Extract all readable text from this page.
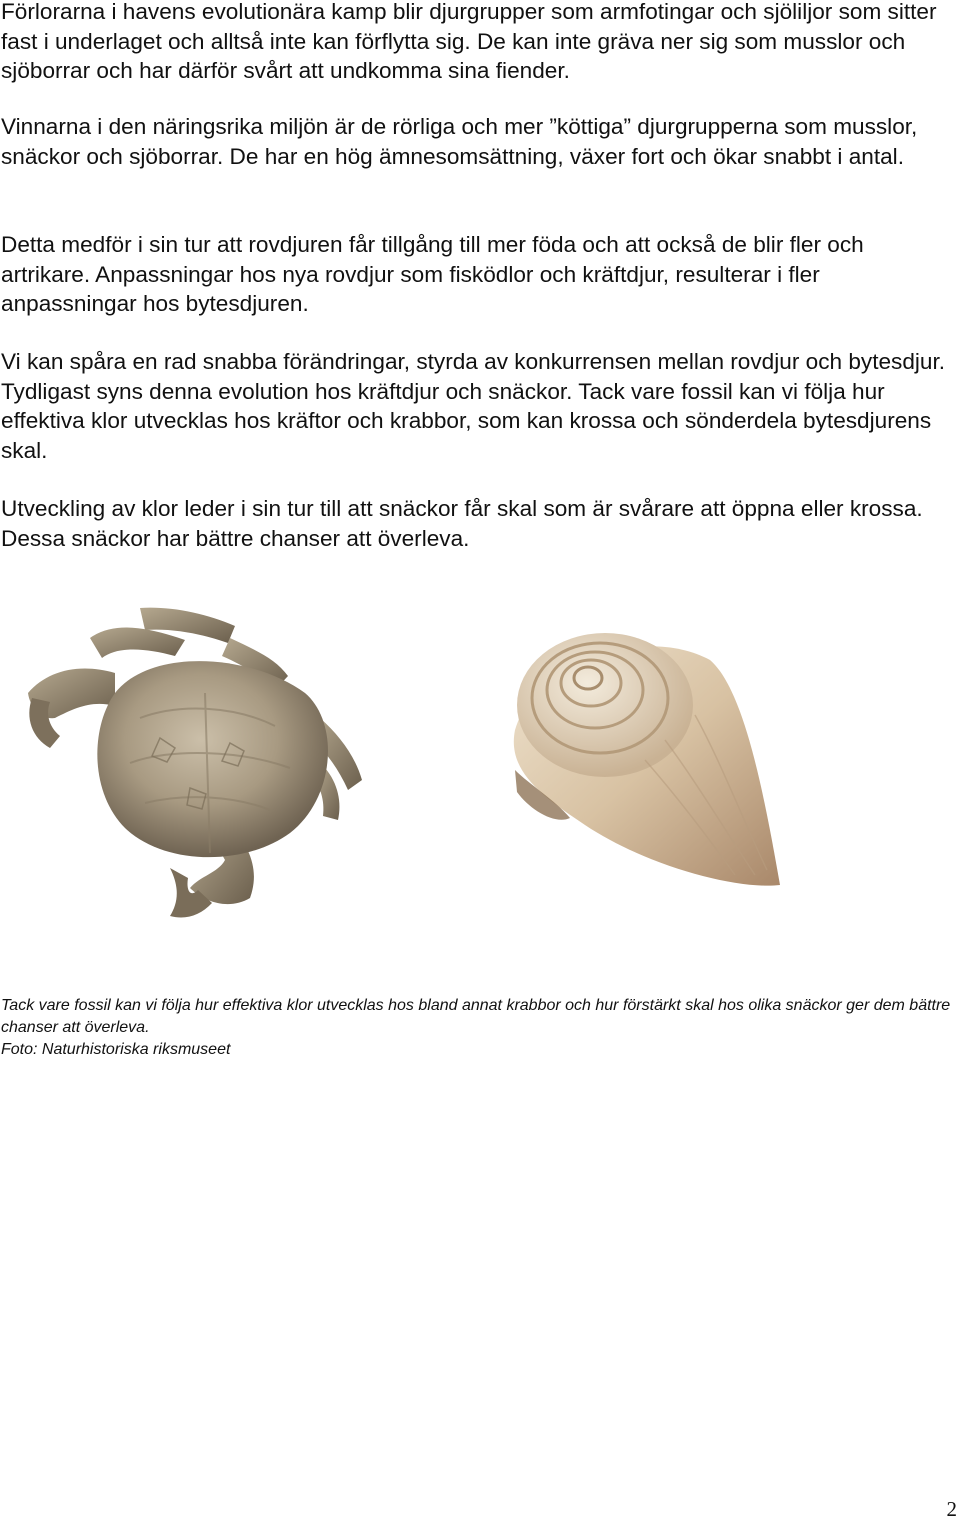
Förlorarna i havens evolutionära kamp blir djurgrupper som armfotingar och sjöliljor som sitter fast i underlaget och alltså inte kan förflytta sig. De kan inte gräva ner sig som musslor och sjöborrar och har därför svårt att undkomma sina fiender.

Vinnarna i den näringsrika miljön är de rörliga och mer ”köttiga” djurgrupperna som musslor, snäckor och sjöborrar. De har en hög ämnesomsättning, växer fort och ökar snabbt i antal.

Detta medför i sin tur att rovdjuren får tillgång till mer föda och att också de blir fler och artrikare. Anpassningar hos nya rovdjur som fisködlor och kräftdjur, resulterar i fler anpassningar hos bytesdjuren.

Vi kan spåra en rad snabba förändringar, styrda av konkurrensen mellan rovdjur och bytesdjur. Tydligast syns denna evolution hos kräftdjur och snäckor. Tack vare fossil kan vi följa hur effektiva klor utvecklas hos kräftor och krabbor, som kan krossa och sönderdela bytesdjurens skal.

Utveckling av klor leder i sin tur till att snäckor får skal som är svårare att öppna eller krossa. Dessa snäckor har bättre chanser att överleva.

Tack vare fossil kan vi följa hur effektiva klor utvecklas hos bland annat krabbor och hur förstärkt skal hos olika snäckor ger dem bättre chanser att överleva.
Foto: Naturhistoriska riksmuseet

2
